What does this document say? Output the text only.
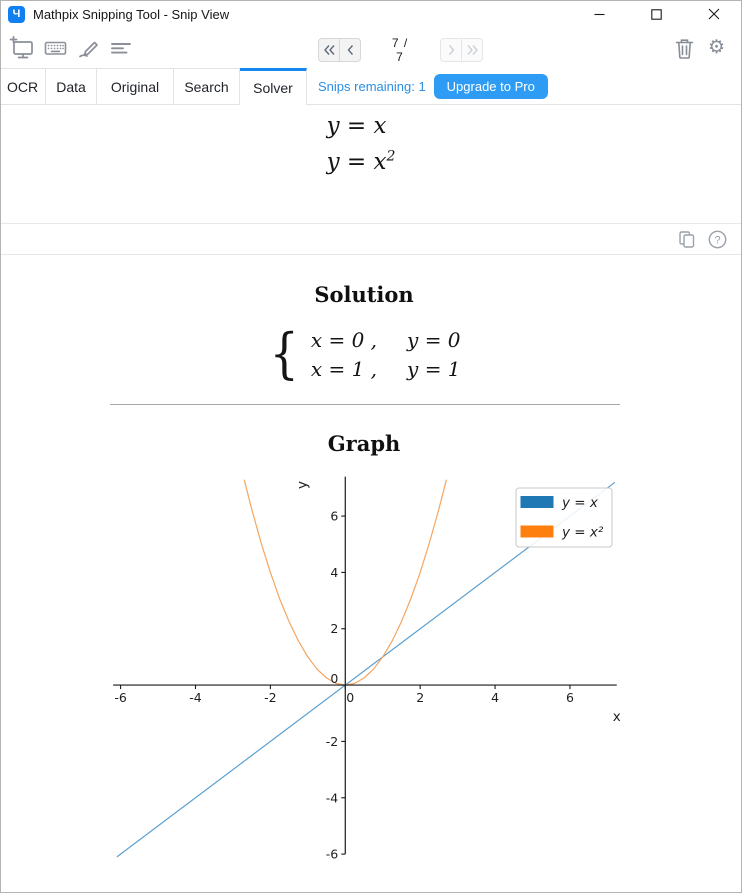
Ч Mathpix Snipping Tool - Snip View
7 / 7	⚙
OCR Data Original Search Solver Snips remaining: 1	Upgrade to Pro
y = x
$y = x^2$
?
Solution
{ x = 0 , y = 0
x = 1 , y = 1
Graph
-6	-4	-2	0	2	4	6
-6
-4
-2
0
2
4
6
x
y
y = x
y = x²
